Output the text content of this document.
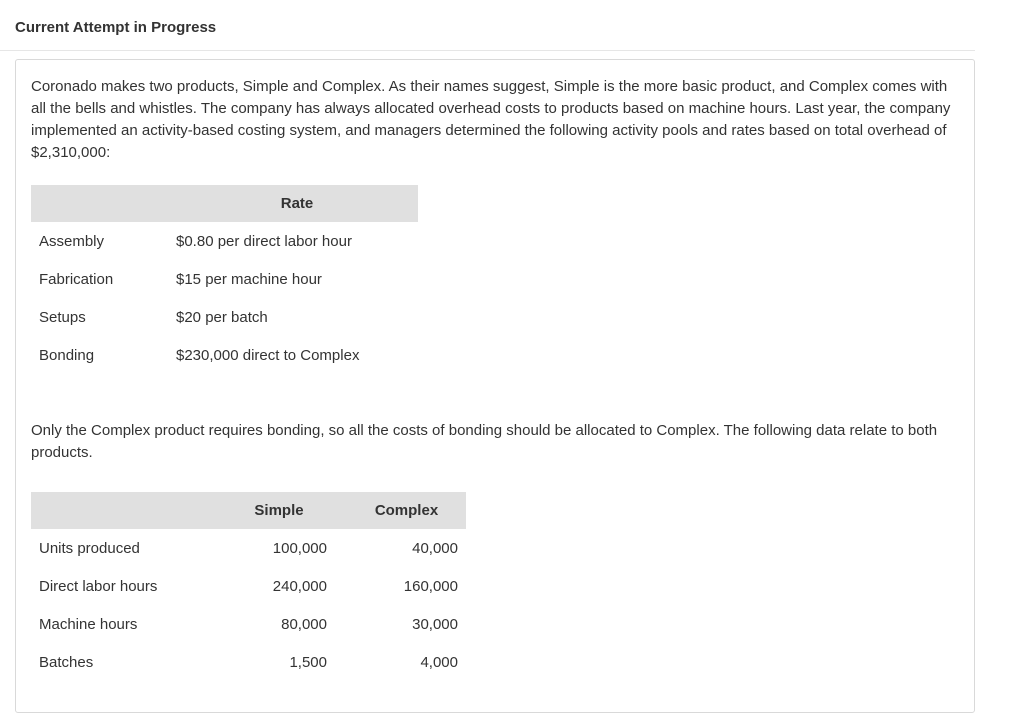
Current Attempt in Progress

Coronado makes two products, Simple and Complex. As their names suggest, Simple is the more basic product, and Complex comes with all the bells and whistles. The company has always allocated overhead costs to products based on machine hours. Last year, the company implemented an activity-based costing system, and managers determined the following activity pools and rates based on total overhead of $2,310,000:

	Rate
Assembly	$0.80 per direct labor hour
Fabrication	$15 per machine hour
Setups	$20 per batch
Bonding	$230,000 direct to Complex

Only the Complex product requires bonding, so all the costs of bonding should be allocated to Complex. The following data relate to both products.

	Simple	Complex
Units produced	100,000	40,000
Direct labor hours	240,000	160,000
Machine hours	80,000	30,000
Batches	1,500	4,000
